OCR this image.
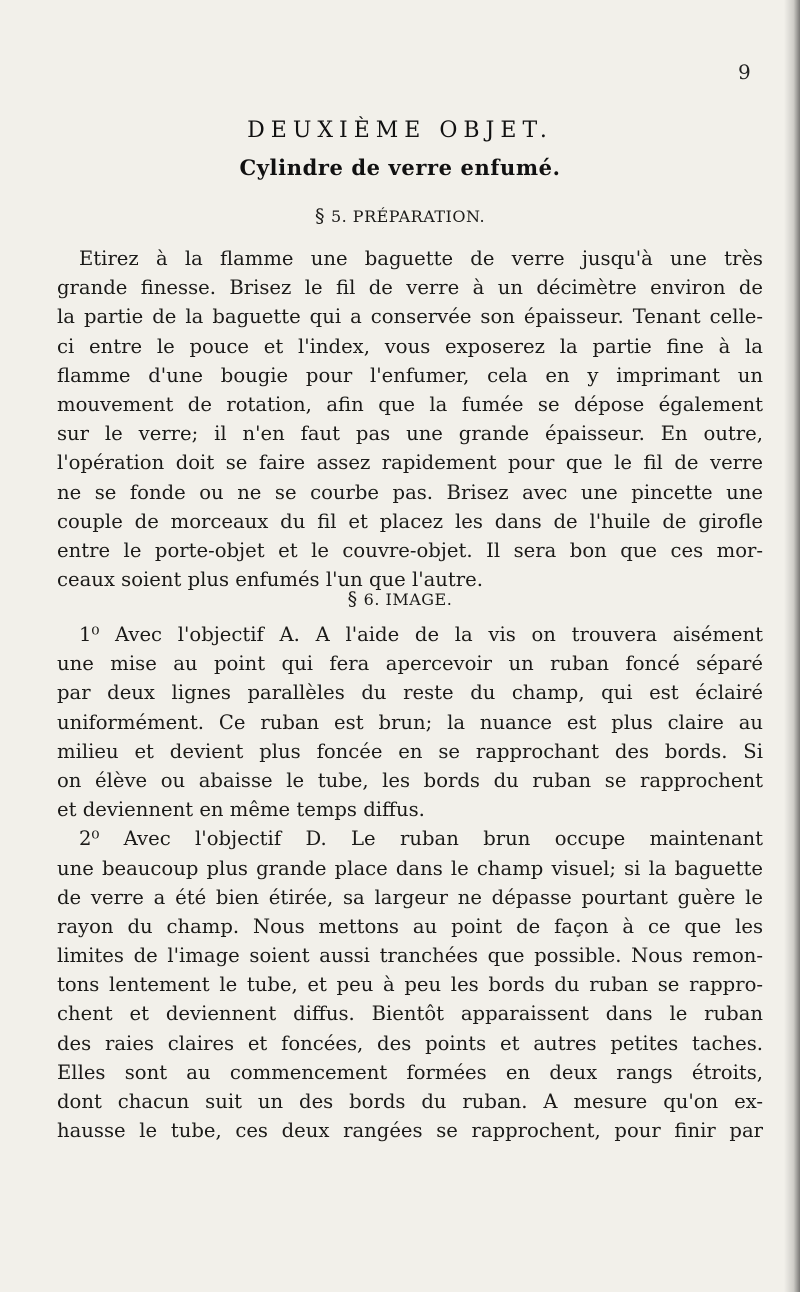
9
DEUXIÈME OBJET.
Cylindre de verre enfumé.
§ 5. PRÉPARATION.
Etirez à la flamme une baguette de verre jusqu'à une très
grande finesse. Brisez le fil de verre à un décimètre environ de
la partie de la baguette qui a conservée son épaisseur. Tenant celle-
ci entre le pouce et l'index, vous exposerez la partie fine à la
flamme d'une bougie pour l'enfumer, cela en y imprimant un
mouvement de rotation, afin que la fumée se dépose également
sur le verre; il n'en faut pas une grande épaisseur. En outre,
l'opération doit se faire assez rapidement pour que le fil de verre
ne se fonde ou ne se courbe pas. Brisez avec une pincette une
couple de morceaux du fil et placez les dans de l'huile de girofle
entre le porte-objet et le couvre-objet. Il sera bon que ces mor-
ceaux soient plus enfumés l'un que l'autre.
§ 6. IMAGE.
1⁰ Avec l'objectif A. A l'aide de la vis on trouvera aisément
une mise au point qui fera apercevoir un ruban foncé séparé
par deux lignes parallèles du reste du champ, qui est éclairé
uniformément. Ce ruban est brun; la nuance est plus claire au
milieu et devient plus foncée en se rapprochant des bords. Si
on élève ou abaisse le tube, les bords du ruban se rapprochent
et deviennent en même temps diffus.
2⁰ Avec l'objectif D. Le ruban brun occupe maintenant
une beaucoup plus grande place dans le champ visuel; si la baguette
de verre a été bien étirée, sa largeur ne dépasse pourtant guère le
rayon du champ. Nous mettons au point de façon à ce que les
limites de l'image soient aussi tranchées que possible. Nous remon-
tons lentement le tube, et peu à peu les bords du ruban se rappro-
chent et deviennent diffus. Bientôt apparaissent dans le ruban
des raies claires et foncées, des points et autres petites taches.
Elles sont au commencement formées en deux rangs étroits,
dont chacun suit un des bords du ruban. A mesure qu'on ex-
hausse le tube, ces deux rangées se rapprochent, pour finir par
